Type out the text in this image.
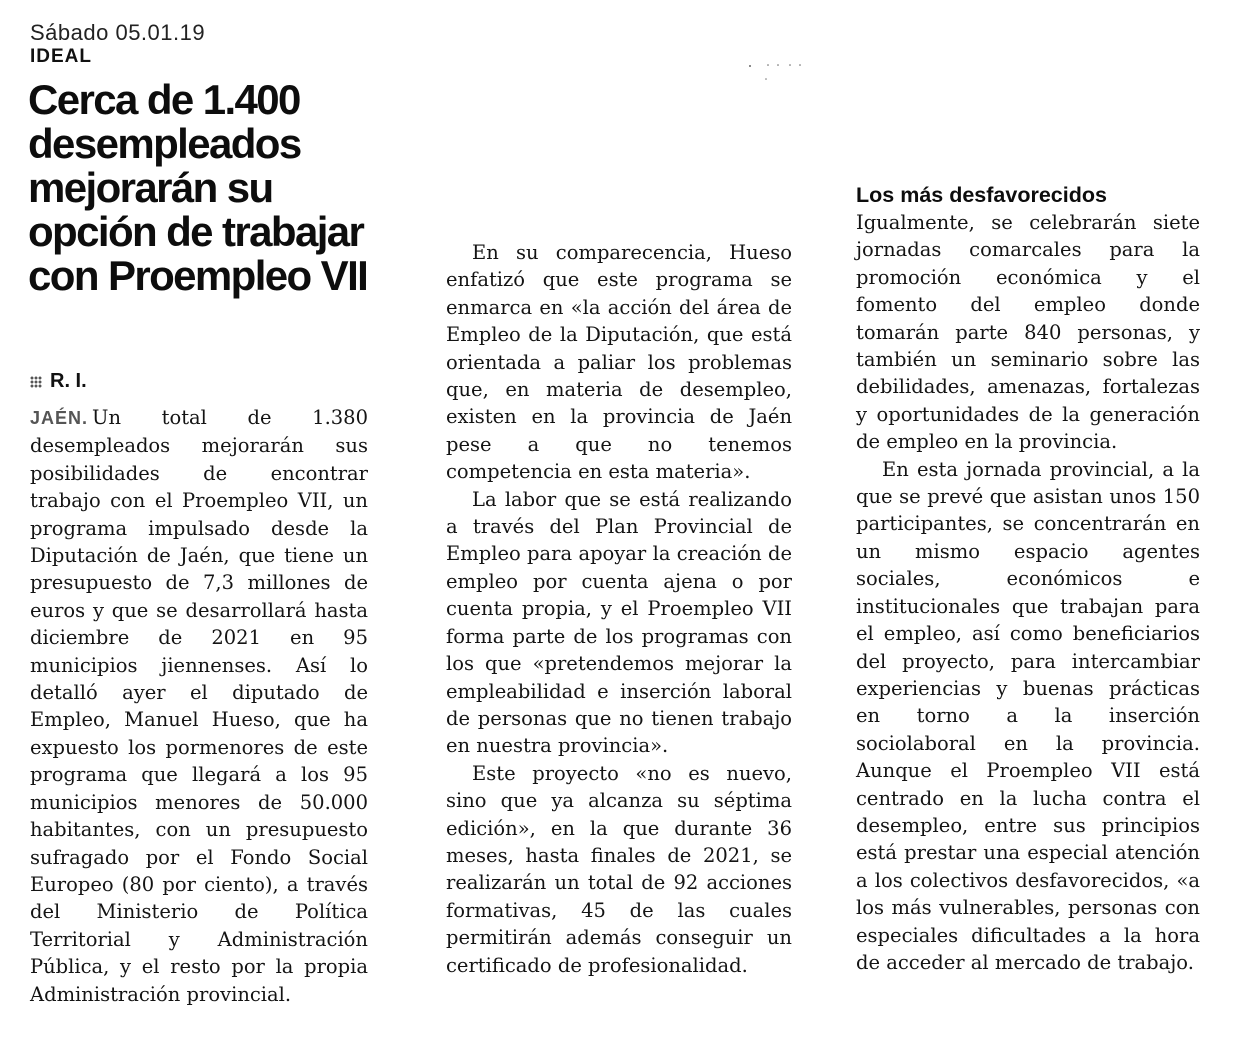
Sábado 05.01.19
IDEAL
Cerca de 1.400 desempleados mejorarán su opción de trabajar con Proempleo VII
R. I.

JAÉN. Un total de 1.380 desempleados mejorarán sus posibilidades de encontrar trabajo con el Proempleo VII, un programa impulsado desde la Diputación de Jaén, que tiene un presupuesto de 7,3 millones de euros y que se desarrollará hasta diciembre de 2021 en 95 municipios jiennenses. Así lo detalló ayer el diputado de Empleo, Manuel Hueso, que ha expuesto los pormenores de este programa que llegará a los 95 municipios menores de 50.000 habitantes, con un presupuesto sufragado por el Fondo Social Europeo (80 por ciento), a través del Ministerio de Política Territorial y Administración Pública, y el resto por la propia Administración provincial.

En su comparecencia, Hueso enfatizó que este programa se enmarca en «la acción del área de Empleo de la Diputación, que está orientada a paliar los problemas que, en materia de desempleo, existen en la provincia de Jaén pese a que no tenemos competencia en esta materia».

La labor que se está realizando a través del Plan Provincial de Empleo para apoyar la creación de empleo por cuenta ajena o por cuenta propia, y el Proempleo VII forma parte de los programas con los que «pretendemos mejorar la empleabilidad e inserción laboral de personas que no tienen trabajo en nuestra provincia».

Este proyecto «no es nuevo, sino que ya alcanza su séptima edición», en la que durante 36 meses, hasta finales de 2021, se realizarán un total de 92 acciones formativas, 45 de las cuales permitirán además conseguir un certificado de profesionalidad.

Los más desfavorecidos

Igualmente, se celebrarán siete jornadas comarcales para la promoción económica y el fomento del empleo donde tomarán parte 840 personas, y también un seminario sobre las debilidades, amenazas, fortalezas y oportunidades de la generación de empleo en la provincia.

En esta jornada provincial, a la que se prevé que asistan unos 150 participantes, se concentrarán en un mismo espacio agentes sociales, económicos e institucionales que trabajan para el empleo, así como beneficiarios del proyecto, para intercambiar experiencias y buenas prácticas en torno a la inserción sociolaboral en la provincia. Aunque el Proempleo VII está centrado en la lucha contra el desempleo, entre sus principios está prestar una especial atención a los colectivos desfavorecidos, «a los más vulnerables, personas con especiales dificultades a la hora de acceder al mercado de trabajo.
